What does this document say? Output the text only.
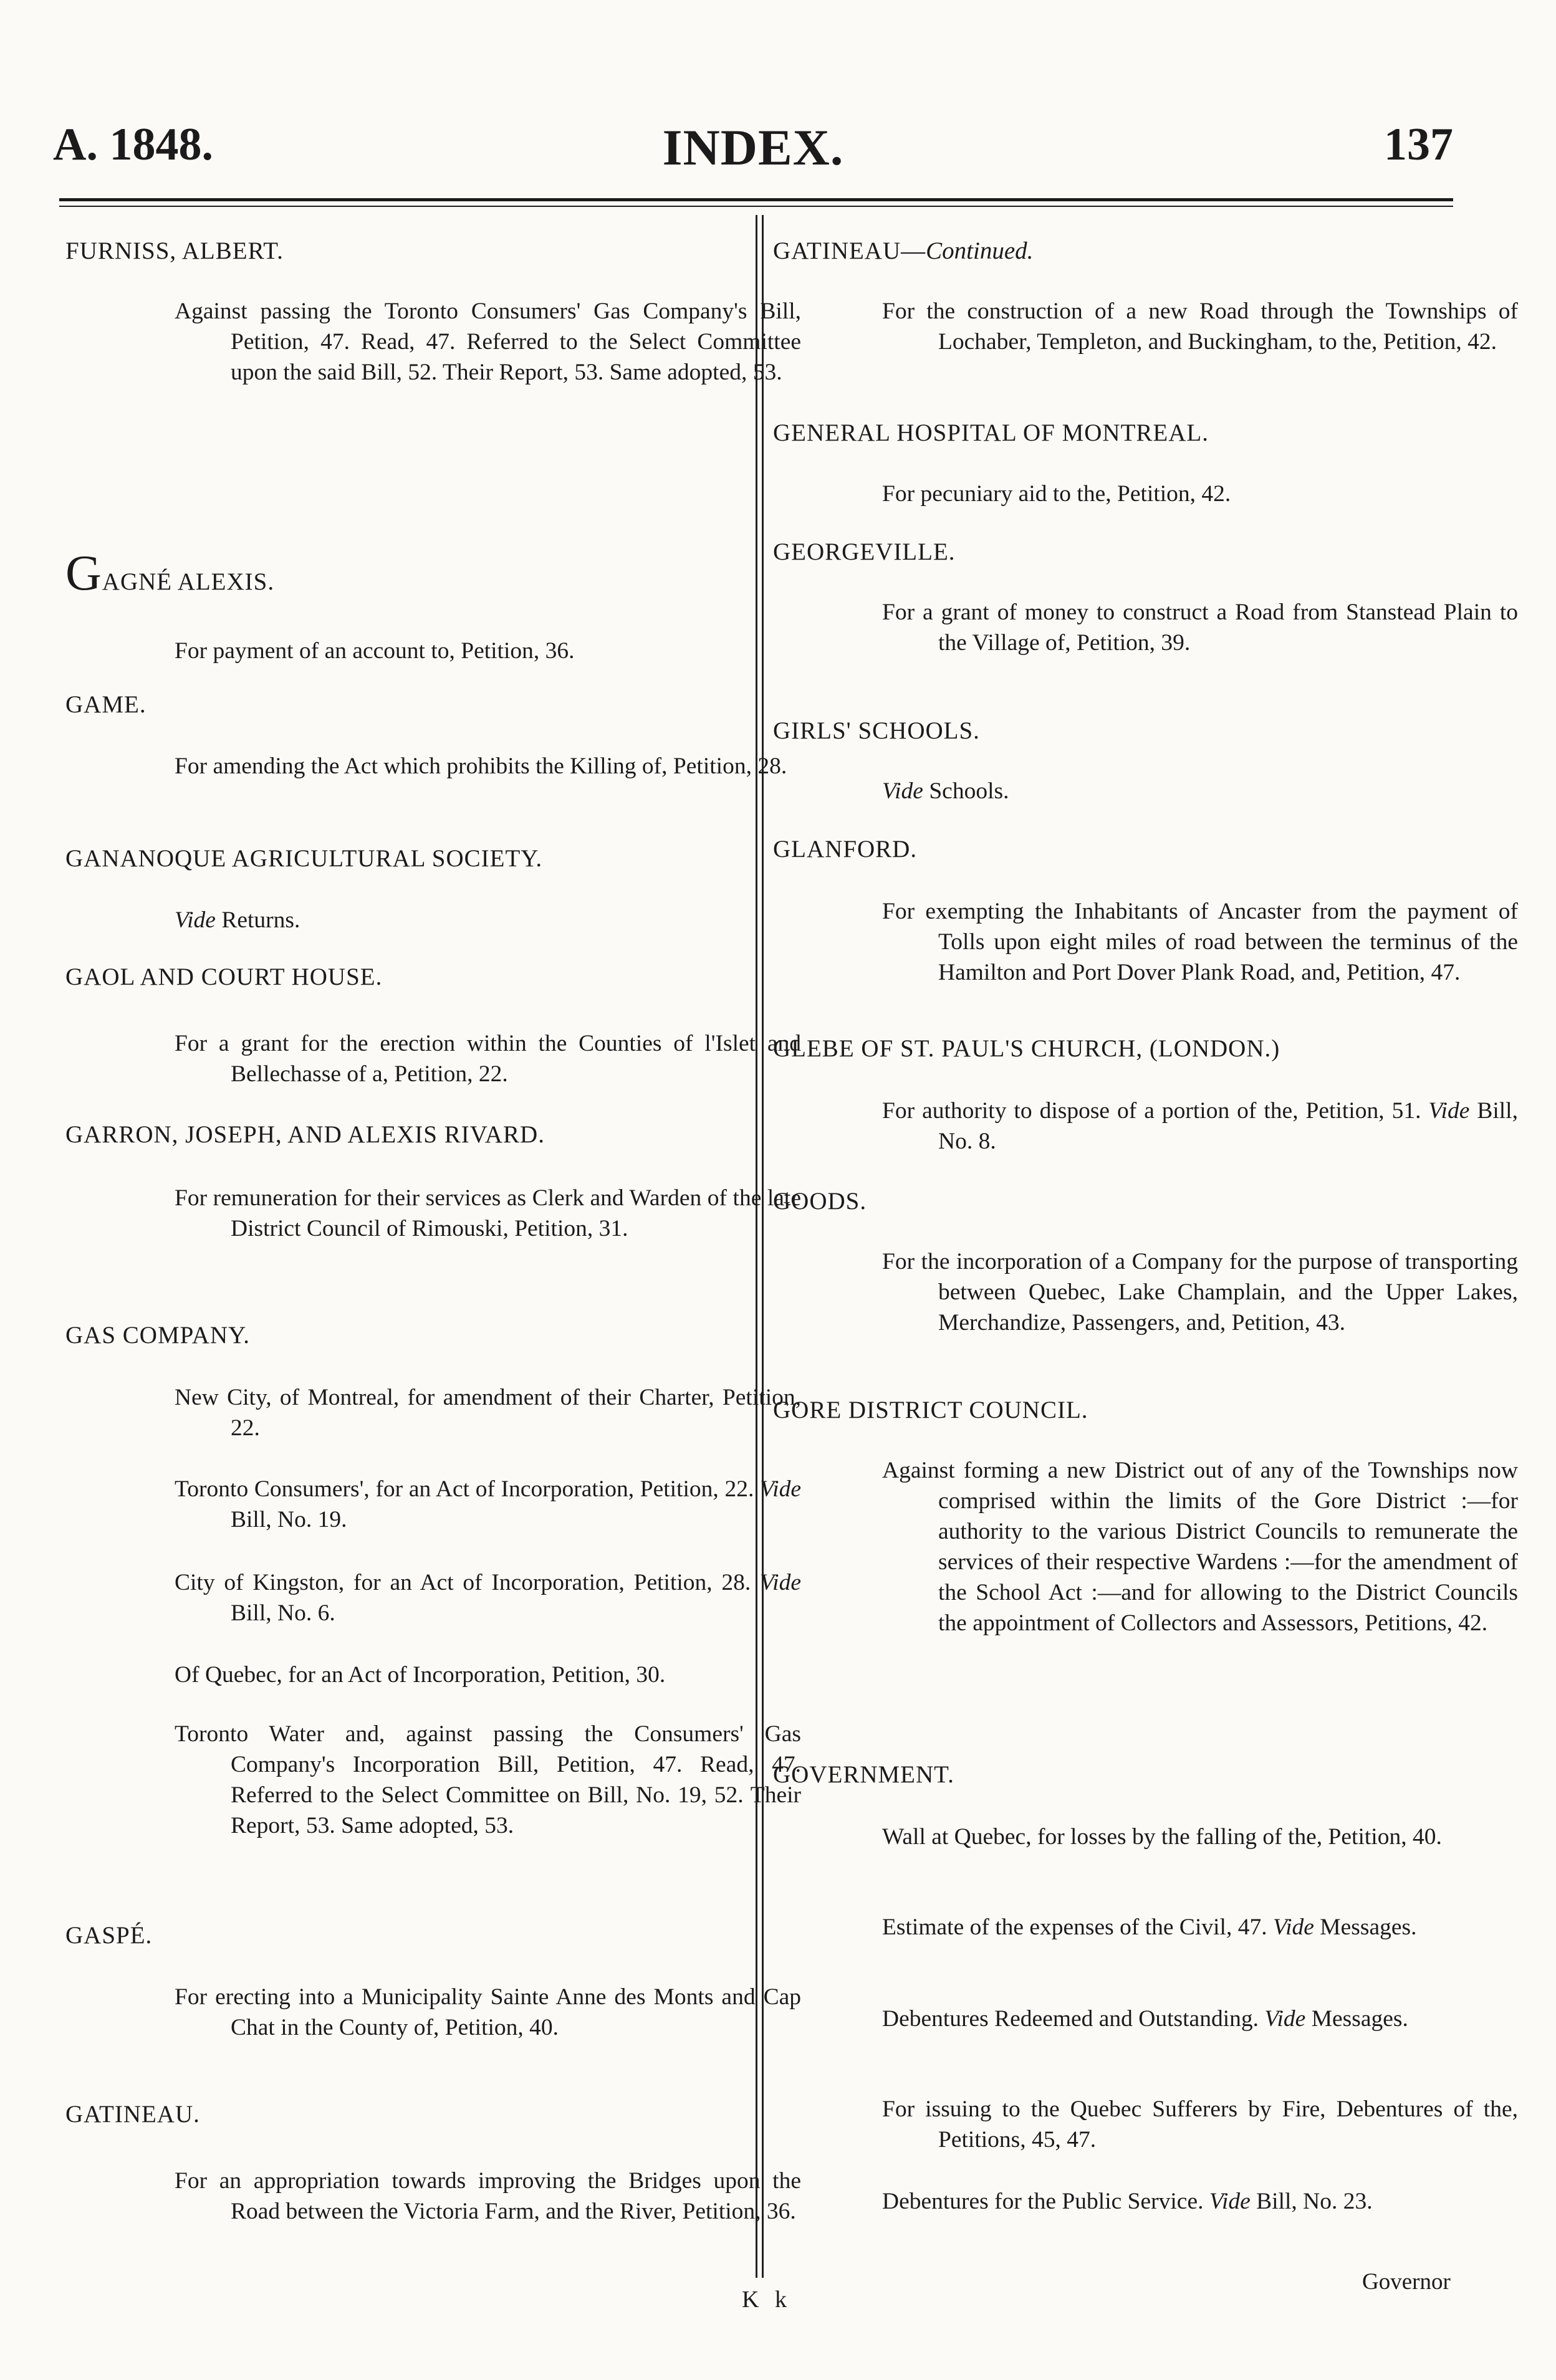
A. 1848.	INDEX.	137
FURNISS, ALBERT.

Against passing the Toronto Consumers' Gas Company's Bill, Petition, 47. Read, 47. Referred to the Select Committee upon the said Bill, 52. Their Report, 53. Same adopted, 53.

GAGNÉ ALEXIS.

For payment of an account to, Petition, 36.

GAME.

For amending the Act which prohibits the Killing of, Petition, 28.

GANANOQUE AGRICULTURAL SOCIETY.

Vide Returns.

GAOL AND COURT HOUSE.

For a grant for the erection within the Counties of l'Islet and Bellechasse of a, Petition, 22.

GARRON, JOSEPH, AND ALEXIS RIVARD.

For remuneration for their services as Clerk and Warden of the late District Council of Rimouski, Petition, 31.

GAS COMPANY.

New City, of Montreal, for amendment of their Charter, Petition, 22.

Toronto Consumers', for an Act of Incorporation, Petition, 22. Vide Bill, No. 19.

City of Kingston, for an Act of Incorporation, Petition, 28. Vide Bill, No. 6.

Of Quebec, for an Act of Incorporation, Petition, 30.

Toronto Water and, against passing the Consumers' Gas Company's Incorporation Bill, Petition, 47. Read, 47. Referred to the Select Committee on Bill, No. 19, 52. Their Report, 53. Same adopted, 53.

GASPÉ.

For erecting into a Municipality Sainte Anne des Monts and Cap Chat in the County of, Petition, 40.

GATINEAU.

For an appropriation towards improving the Bridges upon the Road between the Victoria Farm, and the River, Petition, 36.

GATINEAU—Continued.

For the construction of a new Road through the Townships of Lochaber, Templeton, and Buckingham, to the, Petition, 42.

GENERAL HOSPITAL OF MONTREAL.

For pecuniary aid to the, Petition, 42.

GEORGEVILLE.

For a grant of money to construct a Road from Stanstead Plain to the Village of, Petition, 39.

GIRLS' SCHOOLS.

Vide Schools.

GLANFORD.

For exempting the Inhabitants of Ancaster from the payment of Tolls upon eight miles of road between the terminus of the Hamilton and Port Dover Plank Road, and, Petition, 47.

GLEBE OF ST. PAUL'S CHURCH, (LONDON.)

For authority to dispose of a portion of the, Petition, 51. Vide Bill, No. 8.

GOODS.

For the incorporation of a Company for the purpose of transporting between Quebec, Lake Champlain, and the Upper Lakes, Merchandize, Passengers, and, Petition, 43.

GORE DISTRICT COUNCIL.

Against forming a new District out of any of the Townships now comprised within the limits of the Gore District :—for authority to the various District Councils to remunerate the services of their respective Wardens :—for the amendment of the School Act :—and for allowing to the District Councils the appointment of Collectors and Assessors, Petitions, 42.

GOVERNMENT.

Wall at Quebec, for losses by the falling of the, Petition, 40.

Estimate of the expenses of the Civil, 47. Vide Messages.

Debentures Redeemed and Outstanding. Vide Messages.

For issuing to the Quebec Sufferers by Fire, Debentures of the, Petitions, 45, 47.

Debentures for the Public Service. Vide Bill, No. 23.

Governor
K k
